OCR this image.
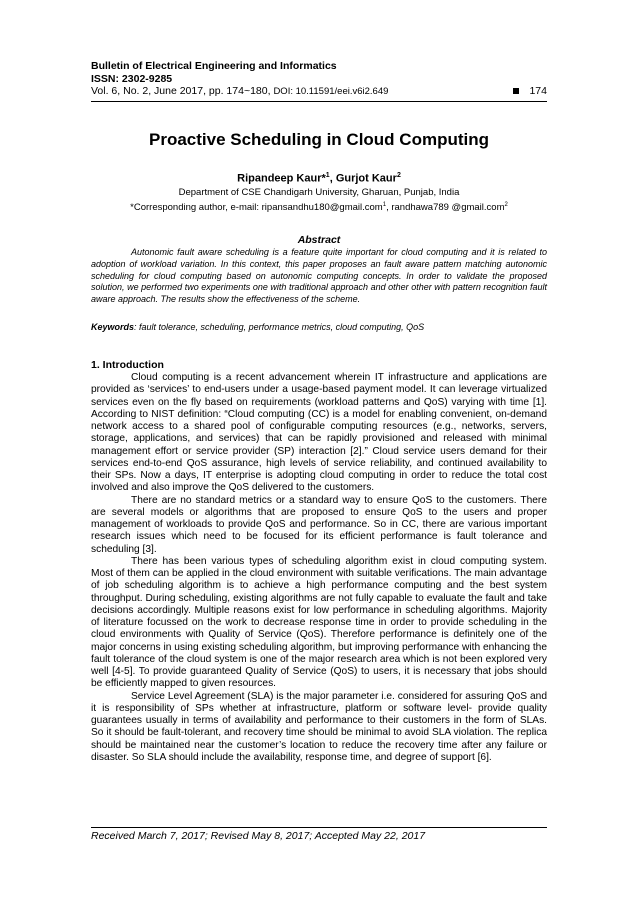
Bulletin of Electrical Engineering and Informatics
ISSN: 2302-9285
Vol. 6, No. 2, June 2017, pp. 174~180, DOI: 10.11591/eei.v6i2.649	174
Proactive Scheduling in Cloud Computing
Ripandeep Kaur*$^1$, Gurjot Kaur$^2$
Department of CSE Chandigarh University, Gharuan, Punjab, India
*Corresponding author, e-mail: ripansandhu180@gmail.com$^1$, randhawa789 @gmail.com$^2$
Abstract
Autonomic fault aware scheduling is a feature quite important for cloud computing and it is related to adoption of workload variation. In this context, this paper proposes an fault aware pattern matching autonomic scheduling for cloud computing based on autonomic computing concepts. In order to validate the proposed solution, we performed two experiments one with traditional approach and other other with pattern recognition fault aware approach. The results show the effectiveness of the scheme.
Keywords: fault tolerance, scheduling, performance metrics, cloud computing, QoS
1. Introduction

Cloud computing is a recent advancement wherein IT infrastructure and applications are provided as ‘services’ to end-users under a usage-based payment model. It can leverage virtualized services even on the fly based on requirements (workload patterns and QoS) varying with time [1]. According to NIST definition: “Cloud computing (CC) is a model for enabling convenient, on-demand network access to a shared pool of configurable computing resources (e.g., networks, servers, storage, applications, and services) that can be rapidly provisioned and released with minimal management effort or service provider (SP) interaction [2].” Cloud service users demand for their services end-to-end QoS assurance, high levels of service reliability, and continued availability to their SPs. Now a days, IT enterprise is adopting cloud computing in order to reduce the total cost involved and also improve the QoS delivered to the customers.

There are no standard metrics or a standard way to ensure QoS to the customers. There are several models or algorithms that are proposed to ensure QoS to the users and proper management of workloads to provide QoS and performance. So in CC, there are various important research issues which need to be focused for its efficient performance is fault tolerance and scheduling [3].

There has been various types of scheduling algorithm exist in cloud computing system. Most of them can be applied in the cloud environment with suitable verifications. The main advantage of job scheduling algorithm is to achieve a high performance computing and the best system throughput. During scheduling, existing algorithms are not fully capable to evaluate the fault and take decisions accordingly. Multiple reasons exist for low performance in scheduling algorithms. Majority of literature focussed on the work to decrease response time in order to provide scheduling in the cloud environments with Quality of Service (QoS). Therefore performance is definitely one of the major concerns in using existing scheduling algorithm, but improving performance with enhancing the fault tolerance of the cloud system is one of the major research area which is not been explored very well [4-5]. To provide guaranteed Quality of Service (QoS) to users, it is necessary that jobs should be efficiently mapped to given resources.

Service Level Agreement (SLA) is the major parameter i.e. considered for assuring QoS and it is responsibility of SPs whether at infrastructure, platform or software level- provide quality guarantees usually in terms of availability and performance to their customers in the form of SLAs. So it should be fault-tolerant, and recovery time should be minimal to avoid SLA violation. The replica should be maintained near the customer’s location to reduce the recovery time after any failure or disaster. So SLA should include the availability, response time, and degree of support [6].

Received March 7, 2017; Revised May 8, 2017; Accepted May 22, 2017
